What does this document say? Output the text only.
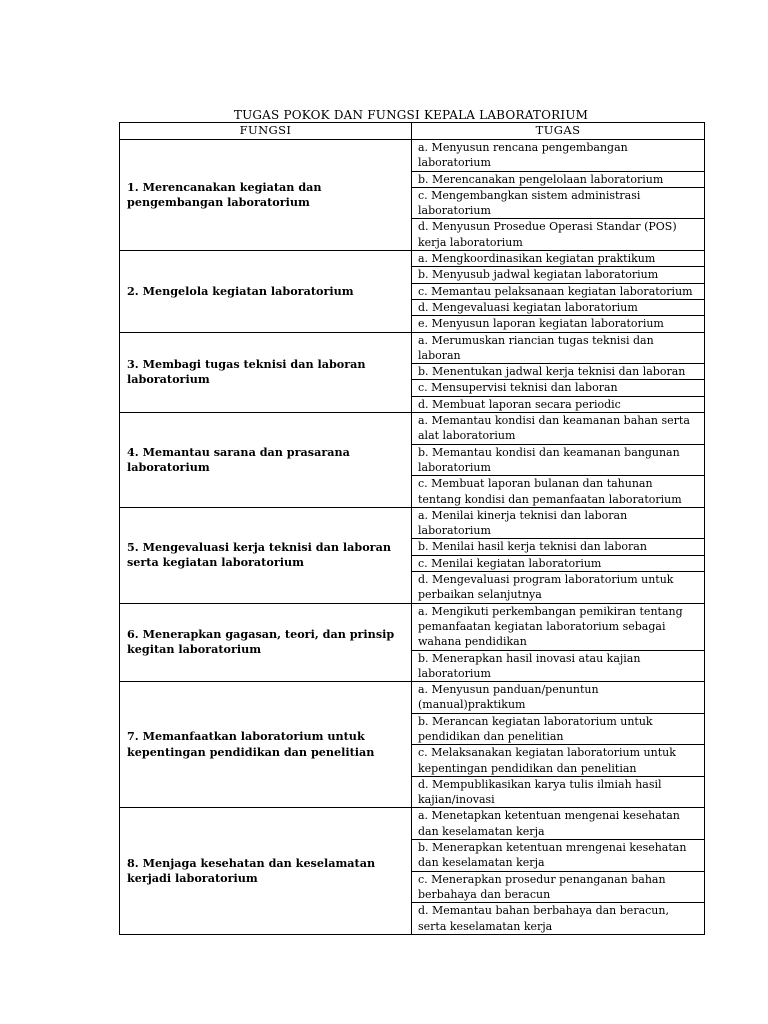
TUGAS POKOK DAN FUNGSI KEPALA LABORATORIUM
FUNGSI	TUGAS
1. Merencanakan kegiatan dan pengembangan laboratorium	a. Menyusun rencana pengembangan laboratorium
	b. Merencanakan pengelolaan laboratorium
	c. Mengembangkan sistem administrasi laboratorium
	d. Menyusun Prosedue Operasi Standar (POS) kerja laboratorium
2. Mengelola kegiatan laboratorium	a. Mengkoordinasikan kegiatan praktikum
	b. Menyusub jadwal kegiatan laboratorium
	c. Memantau pelaksanaan kegiatan laboratorium
	d. Mengevaluasi kegiatan laboratorium
	e. Menyusun laporan kegiatan laboratorium
3. Membagi tugas teknisi dan laboran laboratorium	a. Merumuskan riancian tugas teknisi dan laboran
	b. Menentukan jadwal kerja teknisi dan laboran
	c. Mensupervisi teknisi dan laboran
	d. Membuat laporan secara periodic
4. Memantau sarana dan prasarana laboratorium	a. Memantau kondisi dan keamanan bahan serta alat laboratorium
	b. Memantau kondisi dan keamanan bangunan laboratorium
	c. Membuat laporan bulanan dan tahunan tentang kondisi dan pemanfaatan laboratorium
5. Mengevaluasi kerja teknisi dan laboran serta kegiatan laboratorium	a. Menilai kinerja teknisi dan laboran laboratorium
	b. Menilai hasil kerja teknisi dan laboran
	c. Menilai kegiatan laboratorium
	d. Mengevaluasi program laboratorium untuk perbaikan selanjutnya
6. Menerapkan gagasan, teori, dan prinsip kegitan laboratorium	a. Mengikuti perkembangan pemikiran tentang pemanfaatan kegiatan laboratorium sebagai wahana pendidikan
	b. Menerapkan hasil inovasi atau kajian laboratorium
7. Memanfaatkan laboratorium untuk kepentingan pendidikan dan penelitian	a. Menyusun panduan/penuntun (manual)praktikum
	b. Merancan kegiatan laboratorium untuk pendidikan dan penelitian
	c. Melaksanakan kegiatan laboratorium untuk kepentingan pendidikan dan penelitian
	d. Mempublikasikan karya tulis ilmiah hasil kajian/inovasi
8. Menjaga kesehatan dan keselamatan kerjadi laboratorium	a. Menetapkan ketentuan mengenai kesehatan dan keselamatan kerja
	b. Menerapkan ketentuan mrengenai kesehatan dan keselamatan kerja
	c. Menerapkan prosedur penanganan bahan berbahaya dan beracun
	d. Memantau bahan berbahaya dan beracun, serta keselamatan kerja
